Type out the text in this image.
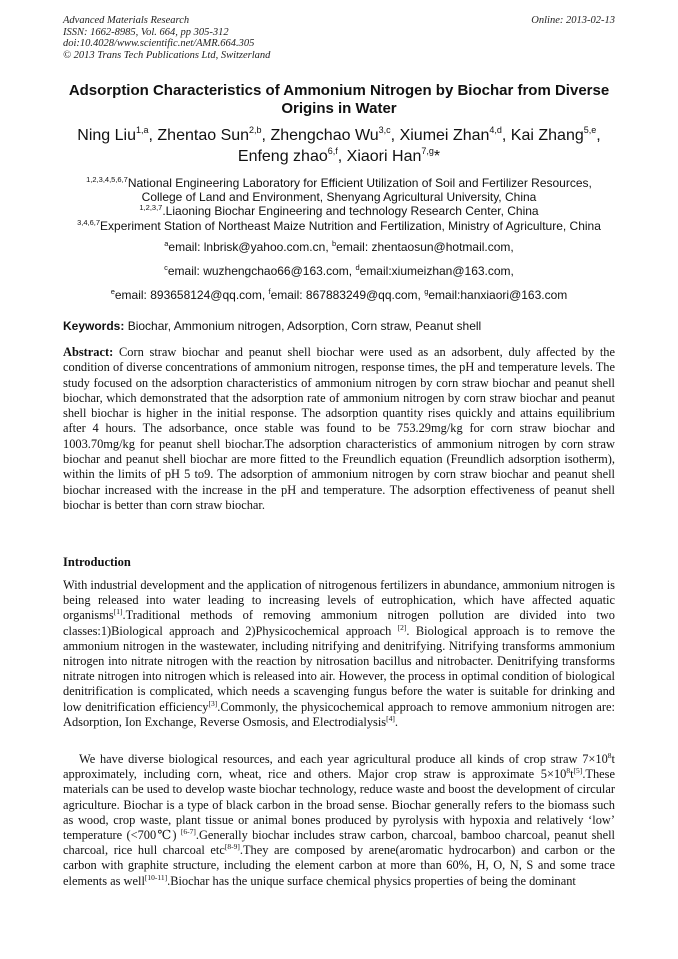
Advanced Materials Research
ISSN: 1662-8985, Vol. 664, pp 305-312
doi:10.4028/www.scientific.net/AMR.664.305
© 2013 Trans Tech Publications Ltd, Switzerland
Online: 2013-02-13
Adsorption Characteristics of Ammonium Nitrogen by Biochar from Diverse Origins in Water
Ning Liu$^{1,a}$, Zhentao Sun$^{2,b}$, Zhengchao Wu$^{3,c}$, Xiumei Zhan$^{4,d}$, Kai Zhang$^{5,e}$,
Enfeng zhao$^{6,f}$, Xiaori Han$^{7,g}$*
$^{1,2,3,4,5,6,7}$National Engineering Laboratory for Efficient Utilization of Soil and Fertilizer Resources,
College of Land and Environment, Shenyang Agricultural University, China
$^{1,2,3,7}$.Liaoning Biochar Engineering and technology Research Center, China
$^{3,4,6,7}$Experiment Station of Northeast Maize Nutrition and Fertilization, Ministry of Agriculture, China
$^a$email: lnbrisk@yahoo.com.cn, $^b$email: zhentaosun@hotmail.com,
$^c$email: wuzhengchao66@163.com, $^d$email:xiumeizhan@163.com,
$^e$email: 893658124@qq.com, $^f$email: 867883249@qq.com, $^g$email:hanxiaori@163.com
Keywords: Biochar, Ammonium nitrogen, Adsorption, Corn straw, Peanut shell

Abstract: Corn straw biochar and peanut shell biochar were used as an adsorbent, duly affected by the condition of diverse concentrations of ammonium nitrogen, response times, the pH and temperature levels. The study focused on the adsorption characteristics of ammonium nitrogen by corn straw biochar and peanut shell biochar, which demonstrated that the adsorption rate of ammonium nitrogen by corn straw biochar and peanut shell biochar is higher in the initial response. The adsorption quantity rises quickly and attains equilibrium after 4 hours. The adsorbance, once stable was found to be 753.29mg/kg for corn straw biochar and 1003.70mg/kg for peanut shell biochar.The adsorption characteristics of ammonium nitrogen by corn straw biochar and peanut shell biochar are more fitted to the Freundlich equation (Freundlich adsorption isotherm), within the limits of pH 5 to9. The adsorption of ammonium nitrogen by corn straw biochar and peanut shell biochar increased with the increase in the pH and temperature. The adsorption effectiveness of peanut shell biochar is better than corn straw biochar.

Introduction

With industrial development and the application of nitrogenous fertilizers in abundance, ammonium nitrogen is being released into water leading to increasing levels of eutrophication, which have affected aquatic organisms[1].Traditional methods of removing ammonium nitrogen pollution are divided into two classes:1)Biological approach and 2)Physicochemical approach [2]. Biological approach is to remove the ammonium nitrogen in the wastewater, including nitrifying and denitrifying. Nitrifying transforms ammonium nitrogen into nitrate nitrogen with the reaction by nitrosation bacillus and nitrobacter. Denitrifying transforms nitrate nitrogen into nitrogen which is released into air. However, the process in optimal condition of biological denitrification is complicated, which needs a scavenging fungus before the water is suitable for drinking and low denitrification efficiency[3].Commonly, the physicochemical approach to remove ammonium nitrogen are: Adsorption, Ion Exchange, Reverse Osmosis, and Electrodialysis[4].

We have diverse biological resources, and each year agricultural produce all kinds of crop straw $7\times 10^8t$ approximately, including corn, wheat, rice and others. Major crop straw is approximate $5\times 10^8t[5].These$ materials can be used to develop waste biochar technology, reduce waste and boost the development of circular agriculture. Biochar is a type of black carbon in the broad sense. Biochar generally refers to the biomass such as wood, crop waste, plant tissue or animal bones produced by pyrolysis with hypoxia and relatively ‘low’ temperature (<700℃) [6-7].Generally biochar includes straw carbon, charcoal, bamboo charcoal, peanut shell charcoal, rice hull charcoal etc[8-9].They are composed by arene(aromatic hydrocarbon) and carbon or the carbon with graphite structure, including the element carbon at more than 60%, H, O, N, S and some trace elements as well[10-11].Biochar has the unique surface chemical physics properties of being the dominant
